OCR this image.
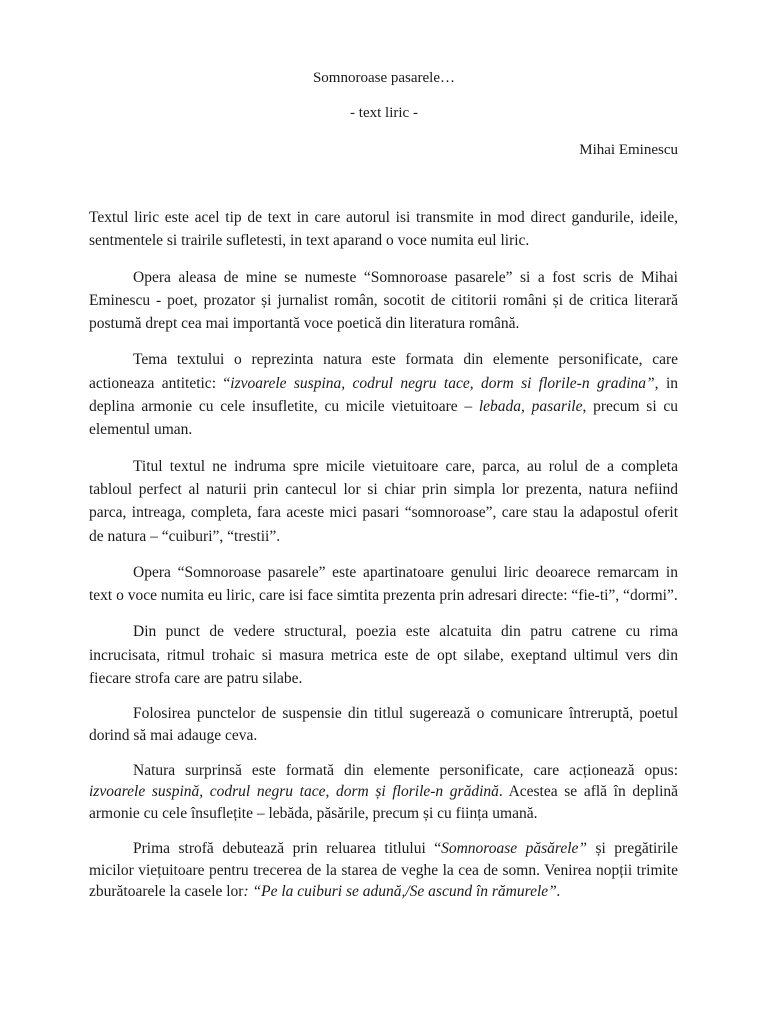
Somnoroase pasarele…
- text liric -
Mihai Eminescu

Textul liric este acel tip de text in care autorul isi transmite in mod direct gandurile, ideile, sentmentele si trairile sufletesti, in text aparand o voce numita eul liric.

Opera aleasa de mine se numeste “Somnoroase pasarele” si a fost scris de Mihai Eminescu - poet, prozator și jurnalist român, socotit de cititorii români și de critica literară postumă drept cea mai importantă voce poetică din literatura română.

Tema textului o reprezinta natura este formata din elemente personificate, care actioneaza antitetic: “izvoarele suspina, codrul negru tace, dorm si florile-n gradina”, in deplina armonie cu cele insufletite, cu micile vietuitoare – lebada, pasarile, precum si cu elementul uman.

Titul textul ne indruma spre micile vietuitoare care, parca, au rolul de a completa tabloul perfect al naturii prin cantecul lor si chiar prin simpla lor prezenta, natura nefiind parca, intreaga, completa, fara aceste mici pasari “somnoroase”, care stau la adapostul oferit de natura – “cuiburi”, “trestii”.

Opera “Somnoroase pasarele” este apartinatoare genului liric deoarece remarcam in text o voce numita eu liric, care isi face simtita prezenta prin adresari directe: “fie-ti”, “dormi”.

Din punct de vedere structural, poezia este alcatuita din patru catrene cu rima incrucisata, ritmul trohaic si masura metrica este de opt silabe, exeptand ultimul vers din fiecare strofa care are patru silabe.

Folosirea punctelor de suspensie din titlul sugerează o comunicare întreruptă, poetul dorind să mai adauge ceva.

Natura surprinsă este formată din elemente personificate, care acționează opus: izvoarele suspină, codrul negru tace, dorm și florile-n grădină. Acestea se află în deplină armonie cu cele însuflețite – lebăda, păsările, precum și cu ființa umană.

Prima strofă debutează prin reluarea titlului “Somnoroase păsărele” și pregătirile micilor viețuitoare pentru trecerea de la starea de veghe la cea de somn. Venirea nopții trimite zburătoarele la casele lor: “Pe la cuiburi se adună,/Se ascund în rămurele”.
